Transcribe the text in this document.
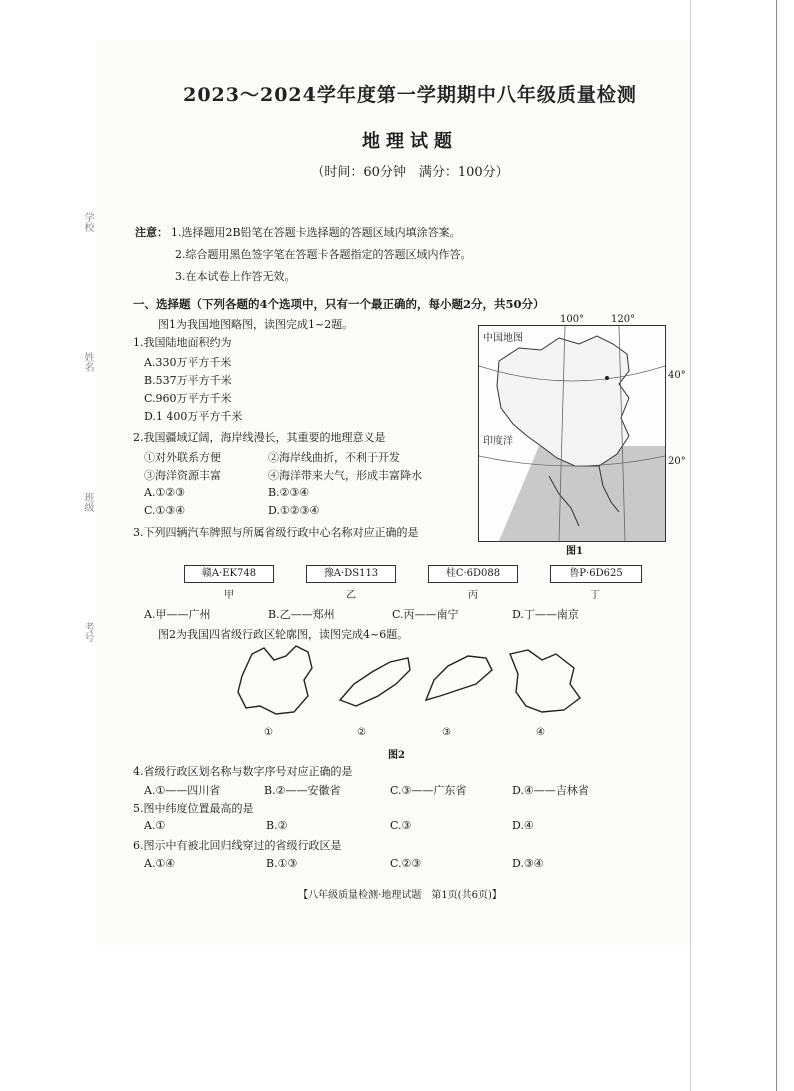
学校
姓名
班级
考号
2023～2024学年度第一学期期中八年级质量检测
地理试题
（时间：60分钟　满分：100分）
注意： 1.选择题用2B铅笔在答题卡选择题的答题区域内填涂答案。
2.综合题用黑色签字笔在答题卡各题指定的答题区域内作答。
3.在本试卷上作答无效。
一、选择题（下列各题的4个选项中，只有一个最正确的，每小题2分，共50分）
图1为我国地图略图，读图完成1~2题。
1.我国陆地面积约为
A.330万平方千米
B.537万平方千米
C.960万平方千米
D.1 400万平方千米
2.我国疆域辽阔，海岸线漫长，其重要的地理意义是
①对外联系方便	②海岸线曲折，不利于开发
③海洋资源丰富	④海洋带来大气，形成丰富降水
A.①②③	B.②③④
C.①③④	D.①②③④
100°	120°
中国地图
印度洋
40°
20°
图1
3.下列四辆汽车牌照与所属省级行政中心名称对应正确的是
赣A·EK748	豫A·DS113	桂C·6D088	鲁P·6D625
甲	乙	丙	丁
A.甲——广州	B.乙——郑州	C.丙——南宁	D.丁——南京
图2为我国四省级行政区轮廓图，读图完成4~6题。
①	②	③	④
图2
4.省级行政区划名称与数字序号对应正确的是
A.①——四川省	B.②——安徽省	C.③——广东省	D.④——吉林省
5.图中纬度位置最高的是
A.①	B.②	C.③	D.④
6.图示中有被北回归线穿过的省级行政区是
A.①④	B.①③	C.②③	D.③④
【八年级质量检测·地理试题　第1页(共6页)】
